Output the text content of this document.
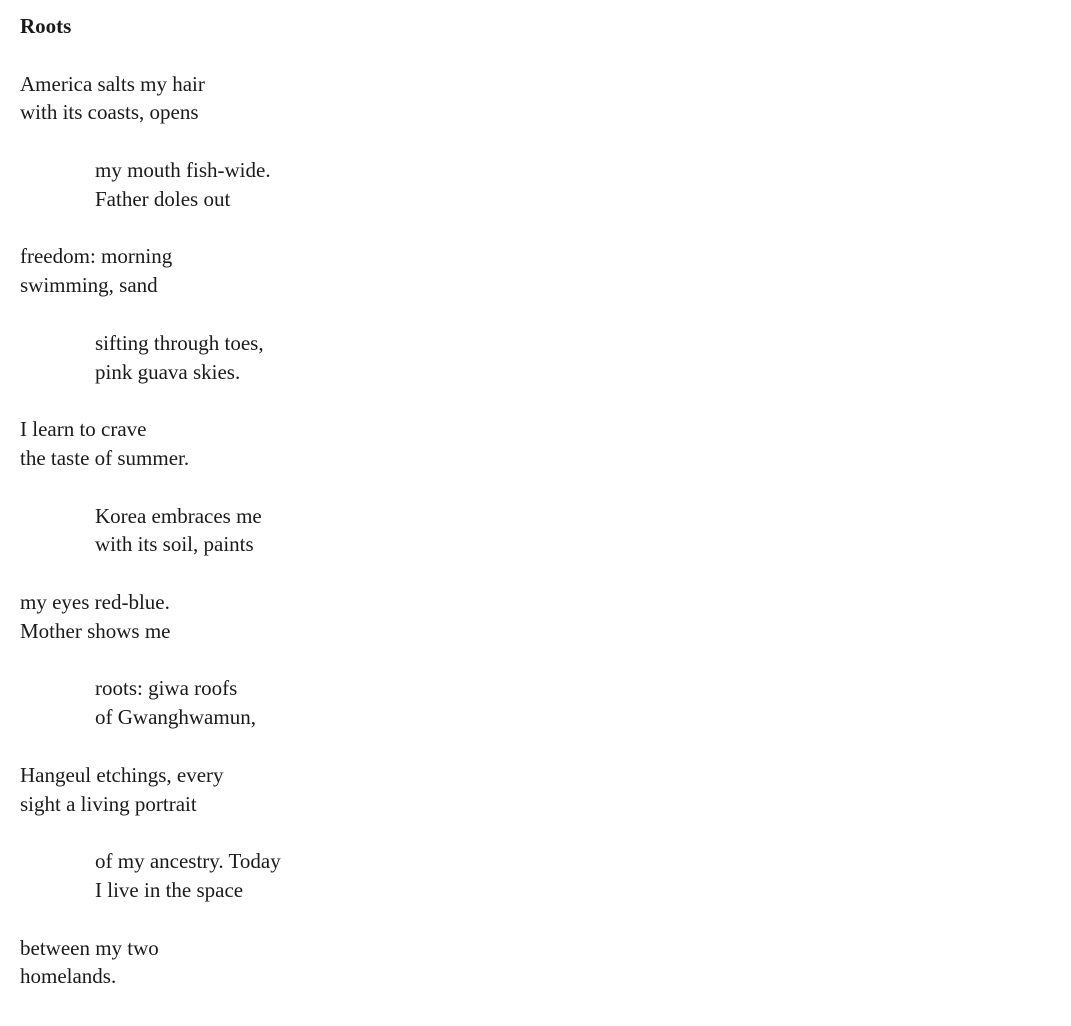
Roots
America salts my hair
with its coasts, opens
my mouth fish-wide.
Father doles out
freedom: morning
swimming, sand
sifting through toes,
pink guava skies.
I learn to crave
the taste of summer.
Korea embraces me
with its soil, paints
my eyes red-blue.
Mother shows me
roots: giwa roofs
of Gwanghwamun,
Hangeul etchings, every
sight a living portrait
of my ancestry. Today
I live in the space
between my two
homelands.
